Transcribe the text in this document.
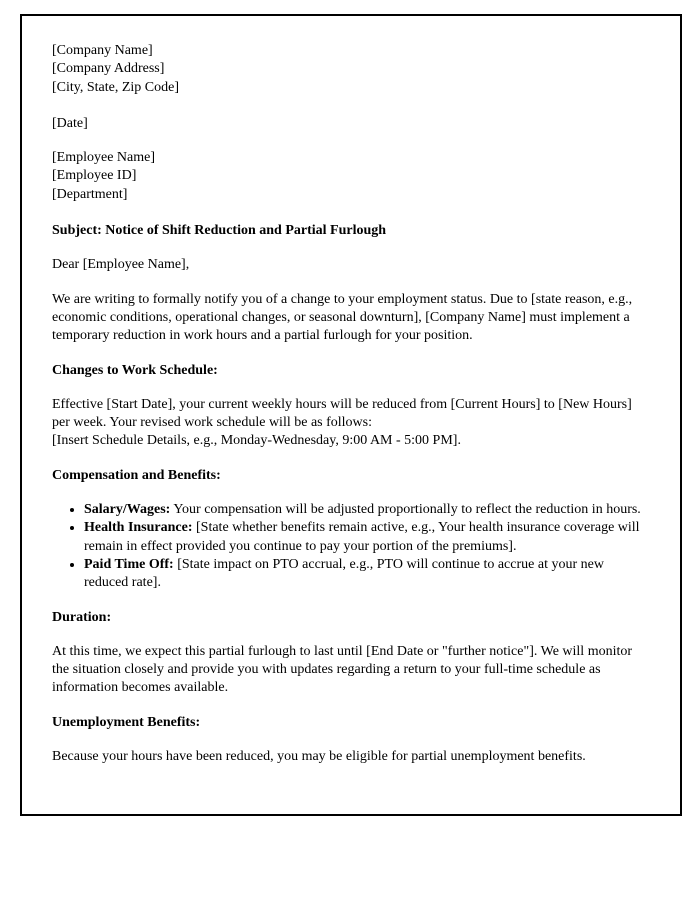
[Company Name]
[Company Address]
[City, State, Zip Code]

[Date]

[Employee Name]
[Employee ID]
[Department]

Subject: Notice of Shift Reduction and Partial Furlough

Dear [Employee Name],

We are writing to formally notify you of a change to your employment status. Due to [state reason, e.g., economic conditions, operational changes, or seasonal downturn], [Company Name] must implement a temporary reduction in work hours and a partial furlough for your position.

Changes to Work Schedule:

Effective [Start Date], your current weekly hours will be reduced from [Current Hours] to [New Hours] per week. Your revised work schedule will be as follows:
[Insert Schedule Details, e.g., Monday-Wednesday, 9:00 AM - 5:00 PM].

Compensation and Benefits:

• Salary/Wages: Your compensation will be adjusted proportionally to reflect the reduction in hours.
• Health Insurance: [State whether benefits remain active, e.g., Your health insurance coverage will remain in effect provided you continue to pay your portion of the premiums].
• Paid Time Off: [State impact on PTO accrual, e.g., PTO will continue to accrue at your new reduced rate].

Duration:

At this time, we expect this partial furlough to last until [End Date or "further notice"]. We will monitor the situation closely and provide you with updates regarding a return to your full-time schedule as information becomes available.

Unemployment Benefits:

Because your hours have been reduced, you may be eligible for partial unemployment benefits.
